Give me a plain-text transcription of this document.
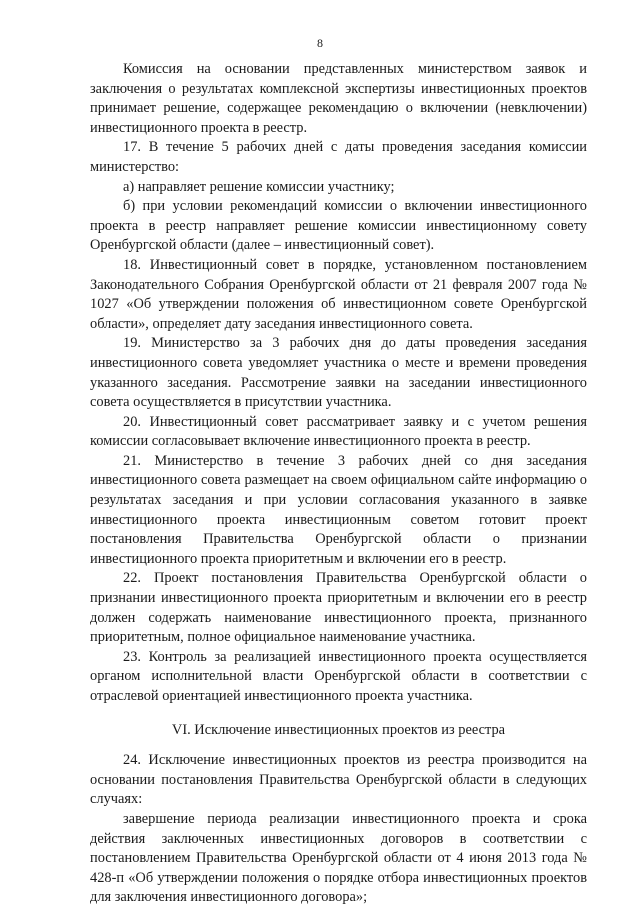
8

Комиссия на основании представленных министерством заявок и заключения о результатах комплексной экспертизы инвестиционных проектов принимает решение, содержащее рекомендацию о включении (невключении) инвестиционного проекта в реестр.

17. В течение 5 рабочих дней с даты проведения заседания комиссии министерство:

а) направляет решение комиссии участнику;

б) при условии рекомендаций комиссии о включении инвестиционного проекта в реестр направляет решение комиссии инвестиционному совету Оренбургской области (далее – инвестиционный совет).

18. Инвестиционный совет в порядке, установленном постановлением Законодательного Собрания Оренбургской области от 21 февраля 2007 года № 1027 «Об утверждении положения об инвестиционном совете Оренбургской области», определяет дату заседания инвестиционного совета.

19. Министерство за 3 рабочих дня до даты проведения заседания инвестиционного совета уведомляет участника о месте и времени проведения указанного заседания. Рассмотрение заявки на заседании инвестиционного совета осуществляется в присутствии участника.

20. Инвестиционный совет рассматривает заявку и с учетом решения комиссии согласовывает включение инвестиционного проекта в реестр.

21. Министерство в течение 3 рабочих дней со дня заседания инвестиционного совета размещает на своем официальном сайте информацию о результатах заседания и при условии согласования указанного в заявке инвестиционного проекта инвестиционным советом готовит проект постановления Правительства Оренбургской области о признании инвестиционного проекта приоритетным и включении его в реестр.

22. Проект постановления Правительства Оренбургской области о признании инвестиционного проекта приоритетным и включении его в реестр должен содержать наименование инвестиционного проекта, признанного приоритетным, полное официальное наименование участника.

23. Контроль за реализацией инвестиционного проекта осуществляется органом исполнительной власти Оренбургской области в соответствии с отраслевой ориентацией инвестиционного проекта участника.

VI. Исключение инвестиционных проектов из реестра

24. Исключение инвестиционных проектов из реестра производится на основании постановления Правительства Оренбургской области в следующих случаях:

завершение периода реализации инвестиционного проекта и срока действия заключенных инвестиционных договоров в соответствии с постановлением Правительства Оренбургской области от 4 июня 2013 года № 428-п «Об утверждении положения о порядке отбора инвестиционных проектов для заключения инвестиционного договора»;
